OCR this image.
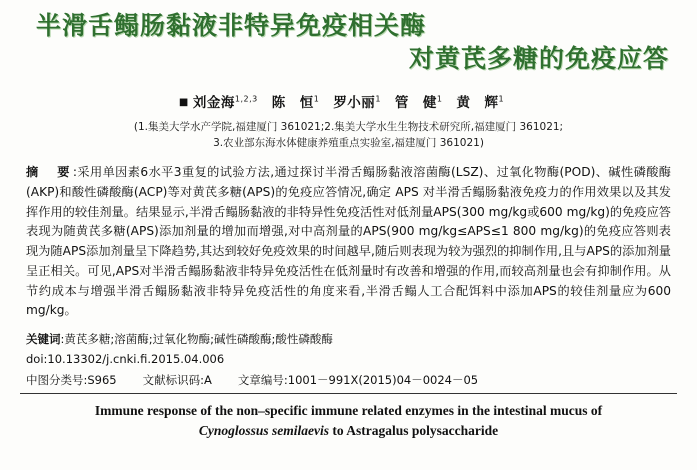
半滑舌鳎肠黏液非特异免疫相关酶
对黄芪多糖的免疫应答
■ 刘金海$^{1,2,3}$ 陈　恒$^1$ 罗小丽$^1$ 管　健$^1$ 黄　辉$^1$
(1.集美大学水产学院,福建厦门 361021;2.集美大学水生生物技术研究所,福建厦门 361021;
3.农业部东海水体健康养殖重点实验室,福建厦门 361021)
摘　要:采用单因素6水平3重复的试验方法,通过探讨半滑舌鳎肠黏液溶菌酶(LSZ)、过氧化物酶(POD)、碱性磷酸酶(AKP)和酸性磷酸酶(ACP)等对黄芪多糖(APS)的免疫应答情况,确定 APS 对半滑舌鳎肠黏液免疫力的作用效果以及其发挥作用的较佳剂量。结果显示,半滑舌鳎肠黏液的非特异性免疫活性对低剂量APS(300 mg/kg或600 mg/kg)的免疫应答表现为随黄芪多糖(APS)添加剂量的增加而增强,对中高剂量的APS(900 mg/kg≤APS≤1 800 mg/kg)的免疫应答则表现为随APS添加剂量呈下降趋势,其达到较好免疫效果的时间越早,随后则表现为较为强烈的抑制作用,且与APS的添加剂量呈正相关。可见,APS对半滑舌鳎肠黏液非特异免疫活性在低剂量时有改善和增强的作用,而较高剂量也会有抑制作用。从节约成本与增强半滑舌鳎肠黏液非特异免疫活性的角度来看,半滑舌鳎人工合配饵料中添加APS的较佳剂量应为600 mg/kg。
关键词:黄芪多糖;溶菌酶;过氧化物酶;碱性磷酸酶;酸性磷酸酶
doi:10.13302/j.cnki.fi.2015.04.006
中图分类号:S965 文献标识码:A 文章编号:1001－991X(2015)04－0024－05
Immune response of the non–specific immune related enzymes in the intestinal mucus of
Cynoglossus semilaevis to Astragalus polysaccharide
